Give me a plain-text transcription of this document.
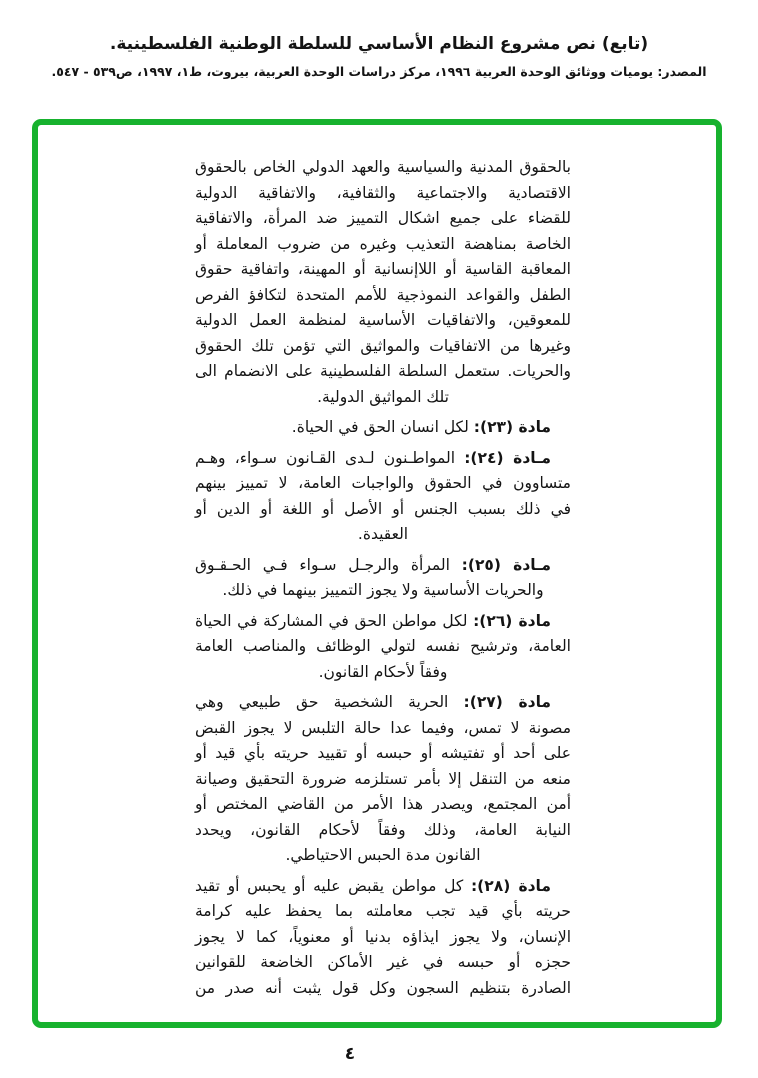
(تابع) نص مشروع النظام الأساسي للسلطة الوطنية الفلسطينية.
المصدر: يوميات ووثائق الوحدة العربية ١٩٩٦، مركز دراسات الوحدة العربية، بيروت، ط١، ١٩٩٧، ص٥٣٩ - ٥٤٧.
بالحقوق المدنية والسياسية والعهد الدولي الخاص بالحقوق
الاقتصادية والاجتماعية والثقافية، والاتفاقية الدولية
للقضاء على جميع اشكال التمييز ضد المرأة، والاتفاقية
الخاصة بمناهضة التعذيب وغيره من ضروب المعاملة أو
المعاقبة القاسية أو اللاإنسانية أو المهينة، واتفاقية حقوق
الطفل والقواعد النموذجية للأمم المتحدة لتكافؤ الفرص
للمعوقين، والاتفاقيات الأساسية لمنظمة العمل الدولية
وغيرها من الاتفاقيات والمواثيق التي تؤمن تلك الحقوق
والحريات. ستعمل السلطة الفلسطينية على الانضمام الى
تلك المواثيق الدولية.
مادة (٢٣): لكل انسان الحق في الحياة.
مـادة (٢٤): المواطـنون لـدى القـانون سـواء، وهـم
متساوون في الحقوق والواجبات العامة، لا تمييز بينهم
في ذلك بسبب الجنس أو الأصل أو اللغة أو الدين أو
العقيدة.
مـادة (٢٥): المرأة والرجـل سـواء فـي الحـقـوق
والحريات الأساسية ولا يجوز التمييز بينهما في ذلك.
مادة (٢٦): لكل مواطن الحق في المشاركة في الحياة
العامة، وترشيح نفسه لتولي الوظائف والمناصب العامة
وفقاً لأحكام القانون.
مادة (٢٧): الحرية الشخصية حق طبيعي وهي
مصونة لا تمس، وفيما عدا حالة التلبس لا يجوز القبض
على أحد أو تفتيشه أو حبسه أو تقييد حريته بأي قيد أو
منعه من التنقل إلا بأمر تستلزمه ضرورة التحقيق وصيانة
أمن المجتمع، ويصدر هذا الأمر من القاضي المختص أو
النيابة العامة، وذلك وفقاً لأحكام القانون، ويحدد
القانون مدة الحبس الاحتياطي.
مادة (٢٨): كل مواطن يقبض عليه أو يحبس أو تقيد
حريته بأي قيد تجب معاملته بما يحفظ عليه كرامة
الإنسان، ولا يجوز ايذاؤه بدنيا أو معنوياً، كما لا يجوز
حجزه أو حبسه في غير الأماكن الخاضعة للقوانين
الصادرة بتنظيم السجون وكل قول يثبت أنه صدر من
٤
